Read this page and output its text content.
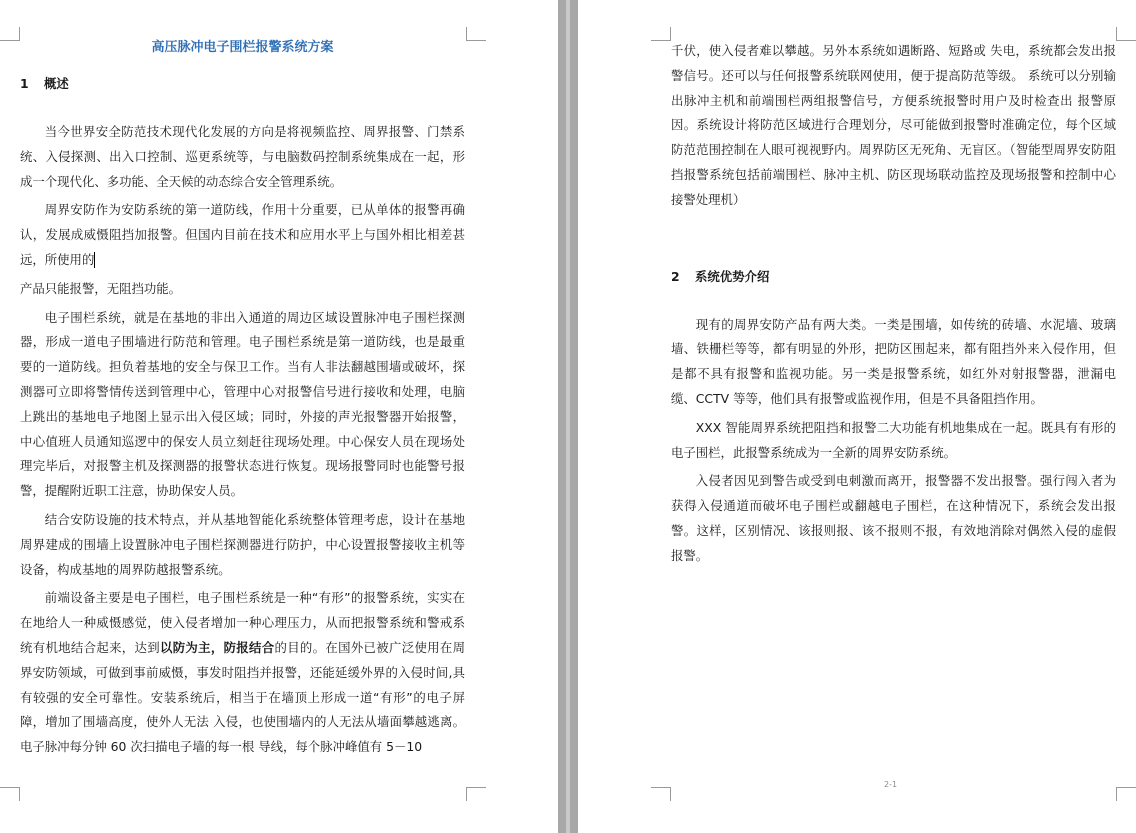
高压脉冲电子围栏报警系统方案
1 概述

当今世界安全防范技术现代化发展的方向是将视频监控、周界报警、门禁系统、入侵探测、出入口控制、巡更系统等，与电脑数码控制系统集成在一起，形成一个现代化、多功能、全天候的动态综合安全管理系统。

周界安防作为安防系统的第一道防线，作用十分重要，已从单体的报警再确认，发展成威慑阻挡加报警。但国内目前在技术和应用水平上与国外相比相差甚远，所使用的

产品只能报警，无阻挡功能。

电子围栏系统，就是在基地的非出入通道的周边区域设置脉冲电子围栏探测器，形成一道电子围墙进行防范和管理。电子围栏系统是第一道防线，也是最重要的一道防线。担负着基地的安全与保卫工作。当有人非法翻越围墙或破坏，探测器可立即将警情传送到管理中心，管理中心对报警信号进行接收和处理，电脑上跳出的基地电子地图上显示出入侵区域；同时，外接的声光报警器开始报警，中心值班人员通知巡逻中的保安人员立刻赶往现场处理。中心保安人员在现场处理完毕后，对报警主机及探测器的报警状态进行恢复。现场报警同时也能警号报警，提醒附近职工注意，协助保安人员。

结合安防设施的技术特点，并从基地智能化系统整体管理考虑，设计在基地周界建成的围墙上设置脉冲电子围栏探测器进行防护，中心设置报警接收主机等设备，构成基地的周界防越报警系统。

前端设备主要是电子围栏，电子围栏系统是一种“有形”的报警系统，实实在在地给人一种威慑感觉，使入侵者增加一种心理压力，从而把报警系统和警戒系统有机地结合起来，达到以防为主，防报结合的目的。在国外已被广泛使用在周界安防领域，可做到事前威慑，事发时阻挡并报警，还能延缓外界的入侵时间,具有较强的安全可靠性。安装系统后，相当于在墙顶上形成一道“有形”的电子屏障，增加了围墙高度，使外人无法 入侵，也使围墙内的人无法从墙面攀越逃离。电子脉冲每分钟 60 次扫描电子墙的每一根 导线，每个脉冲峰值有 5－10

千伏，使入侵者难以攀越。另外本系统如遇断路、短路或 失电，系统都会发出报警信号。还可以与任何报警系统联网使用，便于提高防范等级。 系统可以分别输出脉冲主机和前端围栏两组报警信号，方便系统报警时用户及时检查出 报警原因。系统设计将防范区域进行合理划分，尽可能做到报警时准确定位，每个区域 防范范围控制在人眼可视视野内。周界防区无死角、无盲区。（智能型周界安防阻挡报警系统包括前端围栏、脉冲主机、防区现场联动监控及现场报警和控制中心接警处理机）

2 系统优势介绍

现有的周界安防产品有两大类。一类是围墙，如传统的砖墙、水泥墙、玻璃墙、铁栅栏等等，都有明显的外形，把防区围起来，都有阻挡外来入侵作用，但是都不具有报警和监视功能。另一类是报警系统，如红外对射报警器，泄漏电缆、CCTV 等等，他们具有报警或监视作用，但是不具备阻挡作用。

XXX 智能周界系统把阻挡和报警二大功能有机地集成在一起。既具有有形的电子围栏，此报警系统成为一全新的周界安防系统。

入侵者因见到警告或受到电刺激而离开，报警器不发出报警。强行闯入者为获得入侵通道而破坏电子围栏或翻越电子围栏，在这种情况下，系统会发出报警。这样，区别情况、该报则报、该不报则不报，有效地消除对偶然入侵的虚假报警。

2-1
